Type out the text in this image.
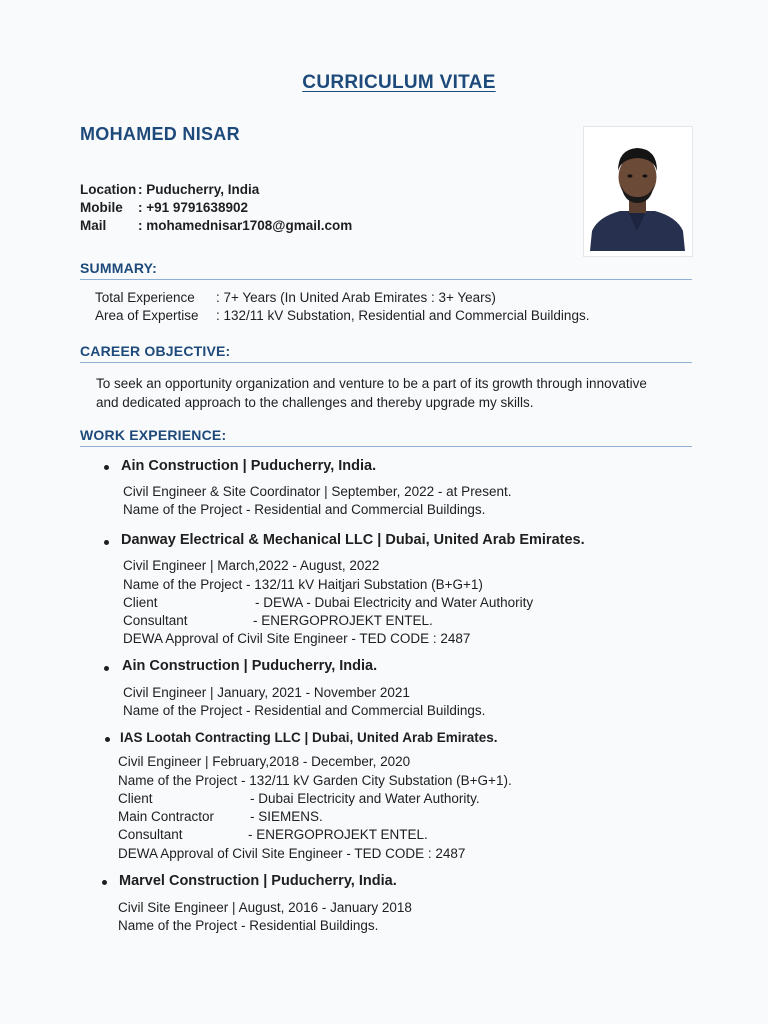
CURRICULUM VITAE
MOHAMED NISAR
Location : Puducherry, India
Mobile : +91 9791638902
Mail : mohamednisar1708@gmail.com
SUMMARY:
Total Experience : 7+ Years (In United Arab Emirates : 3+ Years)
Area of Expertise : 132/11 kV Substation, Residential and Commercial Buildings.
CAREER OBJECTIVE:
To seek an opportunity organization and venture to be a part of its growth through innovative
and dedicated approach to the challenges and thereby upgrade my skills.
WORK EXPERIENCE:
Ain Construction | Puducherry, India.
Civil Engineer & Site Coordinator | September, 2022 - at Present.
Name of the Project - Residential and Commercial Buildings.
Danway Electrical & Mechanical LLC | Dubai, United Arab Emirates.
Civil Engineer | March,2022 - August, 2022
Name of the Project - 132/11 kV Haitjari Substation (B+G+1)
Client	- DEWA - Dubai Electricity and Water Authority
Consultant	- ENERGOPROJEKT ENTEL.
DEWA Approval of Civil Site Engineer - TED CODE : 2487
Ain Construction | Puducherry, India.
Civil Engineer | January, 2021 - November 2021
Name of the Project - Residential and Commercial Buildings.
IAS Lootah Contracting LLC | Dubai, United Arab Emirates.
Civil Engineer | February,2018 - December, 2020
Name of the Project - 132/11 kV Garden City Substation (B+G+1).
Client	- Dubai Electricity and Water Authority.
Main Contractor	- SIEMENS.
Consultant	- ENERGOPROJEKT ENTEL.
DEWA Approval of Civil Site Engineer - TED CODE : 2487
Marvel Construction | Puducherry, India.
Civil Site Engineer | August, 2016 - January 2018
Name of the Project - Residential Buildings.
